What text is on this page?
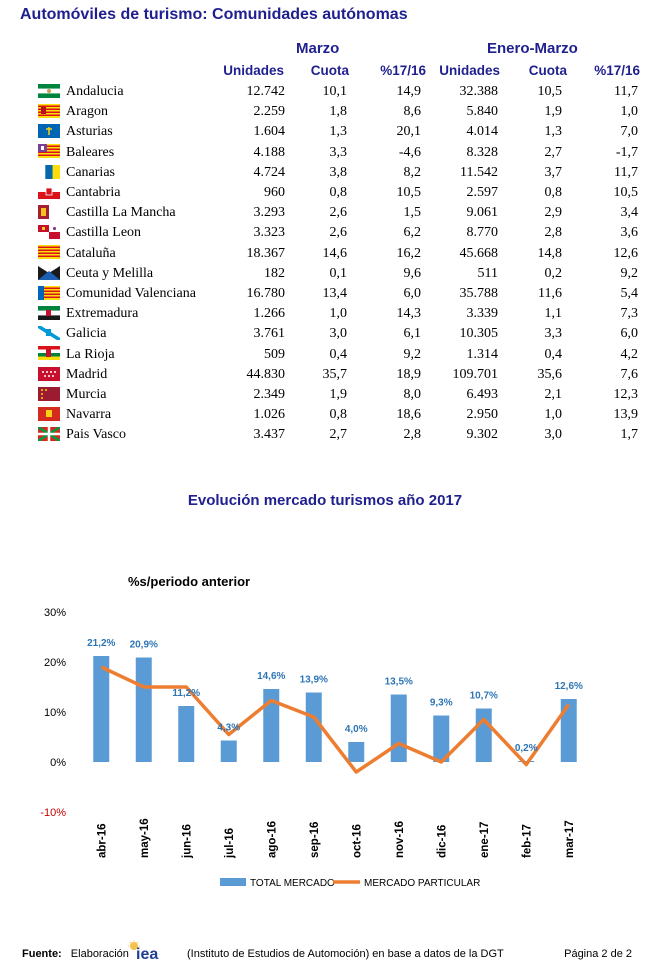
Automóviles de turismo: Comunidades autónomas
Marzo	Enero-Marzo
Unidades	Cuota	%17/16 Unidades	Cuota	%17/16
	Andalucia	12.742	10,1	14,9	32.388	10,5	11,7
	Aragon	2.259	1,8	8,6	5.840	1,9	1,0
	Asturias	1.604	1,3	20,1	4.014	1,3	7,0
	Baleares	4.188	3,3	-4,6	8.328	2,7	-1,7
	Canarias	4.724	3,8	8,2	11.542	3,7	11,7
	Cantabria	960	0,8	10,5	2.597	0,8	10,5
	Castilla La Mancha	3.293	2,6	1,5	9.061	2,9	3,4
	Castilla Leon	3.323	2,6	6,2	8.770	2,8	3,6
	Cataluña	18.367	14,6	16,2	45.668	14,8	12,6
	Ceuta y Melilla	182	0,1	9,6	511	0,2	9,2
	Comunidad Valenciana	16.780	13,4	6,0	35.788	11,6	5,4
	Extremadura	1.266	1,0	14,3	3.339	1,1	7,3
	Galicia	3.761	3,0	6,1	10.305	3,3	6,0
	La Rioja	509	0,4	9,2	1.314	0,4	4,2
	Madrid	44.830	35,7	18,9	109.701	35,6	7,6
	Murcia	2.349	1,9	8,0	6.493	2,1	12,3
	Navarra	1.026	0,8	18,6	2.950	1,0	13,9
	Pais Vasco	3.437	2,7	2,8	9.302	3,0	1,7
Evolución mercado turismos año 2017
%s/periodo anterior
-10%
0%
10%
20%
30%
21,2% 20,9%
11,2%
4,3%
14,6% 13,9%
4,0%
13,5%
9,3%
10,7%
0,2%
12,6%
abr-16	may-16	jun-16	jul-16	ago-16	sep-16	oct-16	nov-16	dic-16	ene-17	feb-17	mar-17
TOTAL MERCADO	MERCADO PARTICULAR
Fuente: Elaboración	(Instituto de Estudios de Automoción) en base a datos de la DGT	Página 2 de 2
iea
